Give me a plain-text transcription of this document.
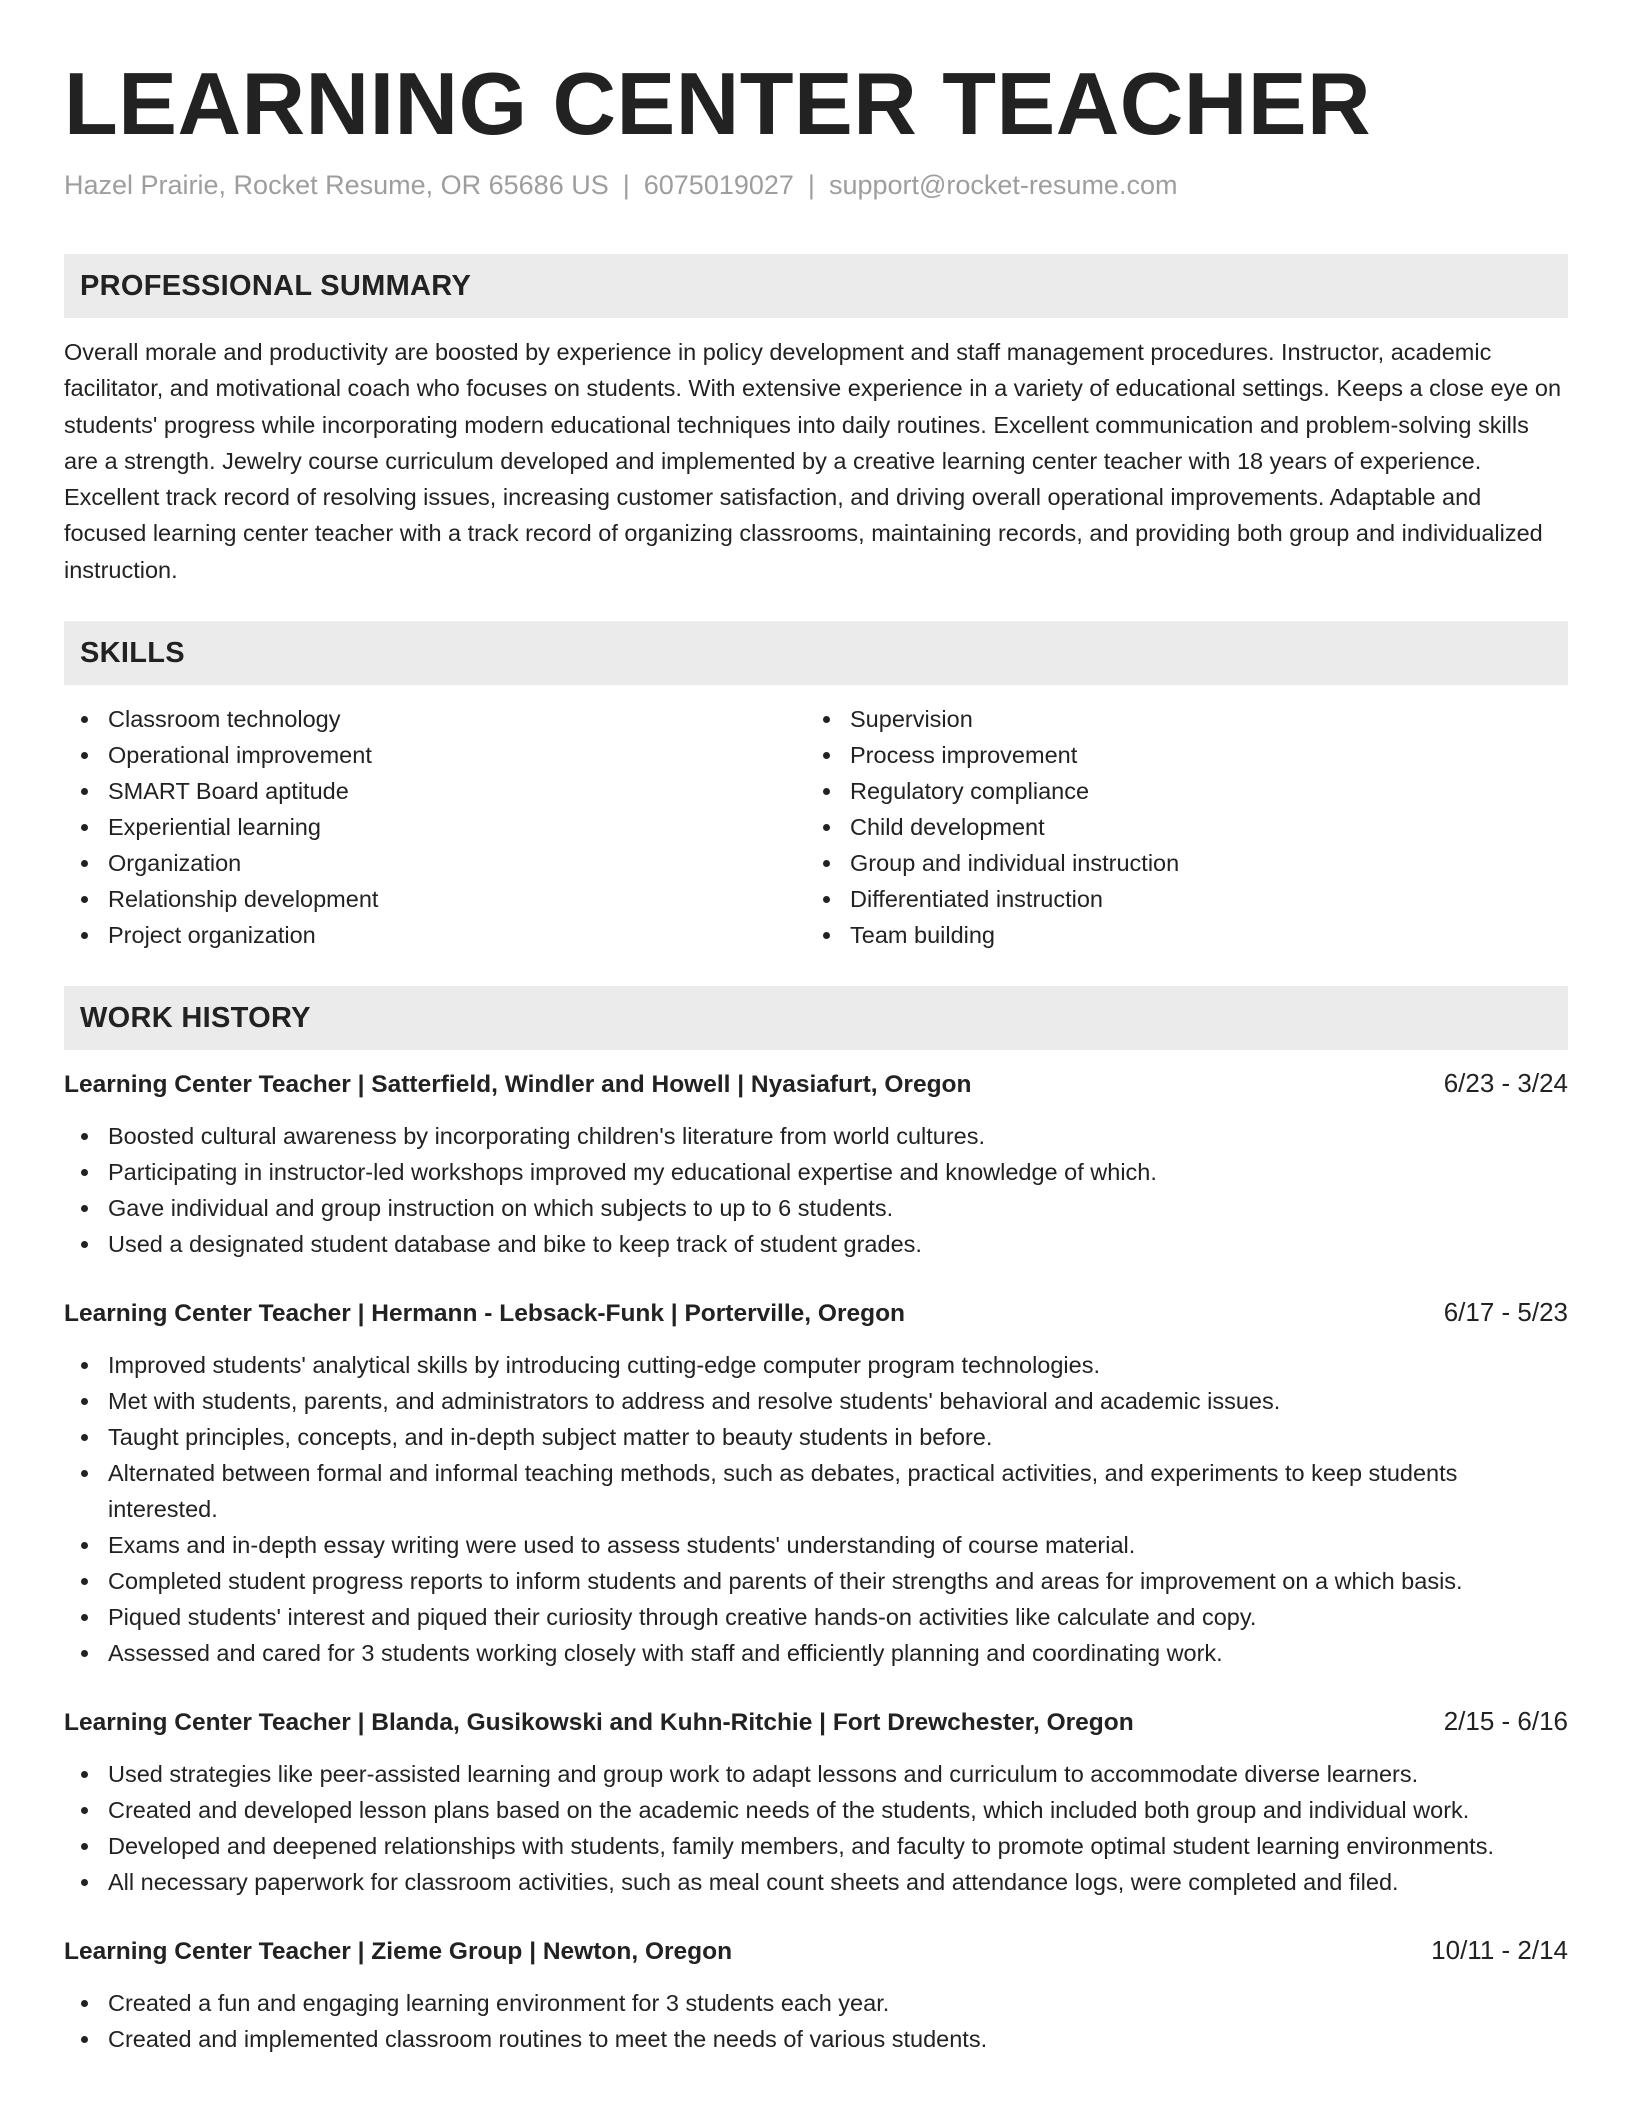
LEARNING CENTER TEACHER
Hazel Prairie, Rocket Resume, OR 65686 US | 6075019027 | support@rocket-resume.com
PROFESSIONAL SUMMARY

Overall morale and productivity are boosted by experience in policy development and staff management procedures. Instructor, academic facilitator, and motivational coach who focuses on students. With extensive experience in a variety of educational settings. Keeps a close eye on students' progress while incorporating modern educational techniques into daily routines. Excellent communication and problem-solving skills are a strength. Jewelry course curriculum developed and implemented by a creative learning center teacher with 18 years of experience. Excellent track record of resolving issues, increasing customer satisfaction, and driving overall operational improvements. Adaptable and focused learning center teacher with a track record of organizing classrooms, maintaining records, and providing both group and individualized instruction.

SKILLS
Classroom technology
Operational improvement
SMART Board aptitude
Experiential learning
Organization
Relationship development
Project organization
Supervision
Process improvement
Regulatory compliance
Child development
Group and individual instruction
Differentiated instruction
Team building
WORK HISTORY
Learning Center Teacher | Satterfield, Windler and Howell | Nyasiafurt, Oregon	6/23 - 3/24
Boosted cultural awareness by incorporating children's literature from world cultures.
Participating in instructor-led workshops improved my educational expertise and knowledge of which.
Gave individual and group instruction on which subjects to up to 6 students.
Used a designated student database and bike to keep track of student grades.
Learning Center Teacher | Hermann - Lebsack-Funk | Porterville, Oregon	6/17 - 5/23
Improved students' analytical skills by introducing cutting-edge computer program technologies.
Met with students, parents, and administrators to address and resolve students' behavioral and academic issues.
Taught principles, concepts, and in-depth subject matter to beauty students in before.
Alternated between formal and informal teaching methods, such as debates, practical activities, and experiments to keep students interested.
Exams and in-depth essay writing were used to assess students' understanding of course material.
Completed student progress reports to inform students and parents of their strengths and areas for improvement on a which basis.
Piqued students' interest and piqued their curiosity through creative hands-on activities like calculate and copy.
Assessed and cared for 3 students working closely with staff and efficiently planning and coordinating work.
Learning Center Teacher | Blanda, Gusikowski and Kuhn-Ritchie | Fort Drewchester, Oregon	2/15 - 6/16
Used strategies like peer-assisted learning and group work to adapt lessons and curriculum to accommodate diverse learners.
Created and developed lesson plans based on the academic needs of the students, which included both group and individual work.
Developed and deepened relationships with students, family members, and faculty to promote optimal student learning environments.
All necessary paperwork for classroom activities, such as meal count sheets and attendance logs, were completed and filed.
Learning Center Teacher | Zieme Group | Newton, Oregon	10/11 - 2/14
Created a fun and engaging learning environment for 3 students each year.
Created and implemented classroom routines to meet the needs of various students.
